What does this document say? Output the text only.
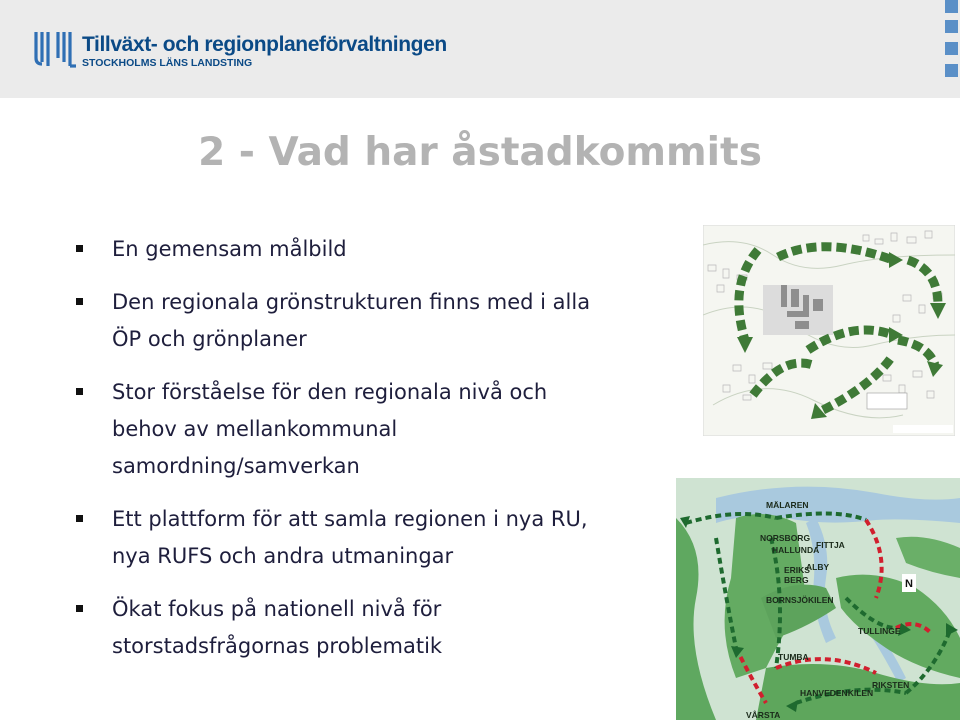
Tillväxt- och regionplaneförvaltningen
STOCKHOLMS LÄNS LANDSTING
2 - Vad har åstadkommits
En gemensam målbild
Den regionala grönstrukturen finns med i alla ÖP och grönplaner
Stor förståelse för den regionala nivå och behov av mellankommunal samordning/samverkan
Ett plattform för att samla regionen i nya RU, nya RUFS och andra utmaningar
Ökat fokus på nationell nivå för storstadsfrågornas problematik
MÄLAREN
NORSBORG
FITTJA
HALLUNDA
ALBY
ERIKS
BERG
BORNSJÖKILEN
TULLINGE
TUMBA
RIKSTEN
HANVEDENKILEN
VÅRSTA
N
